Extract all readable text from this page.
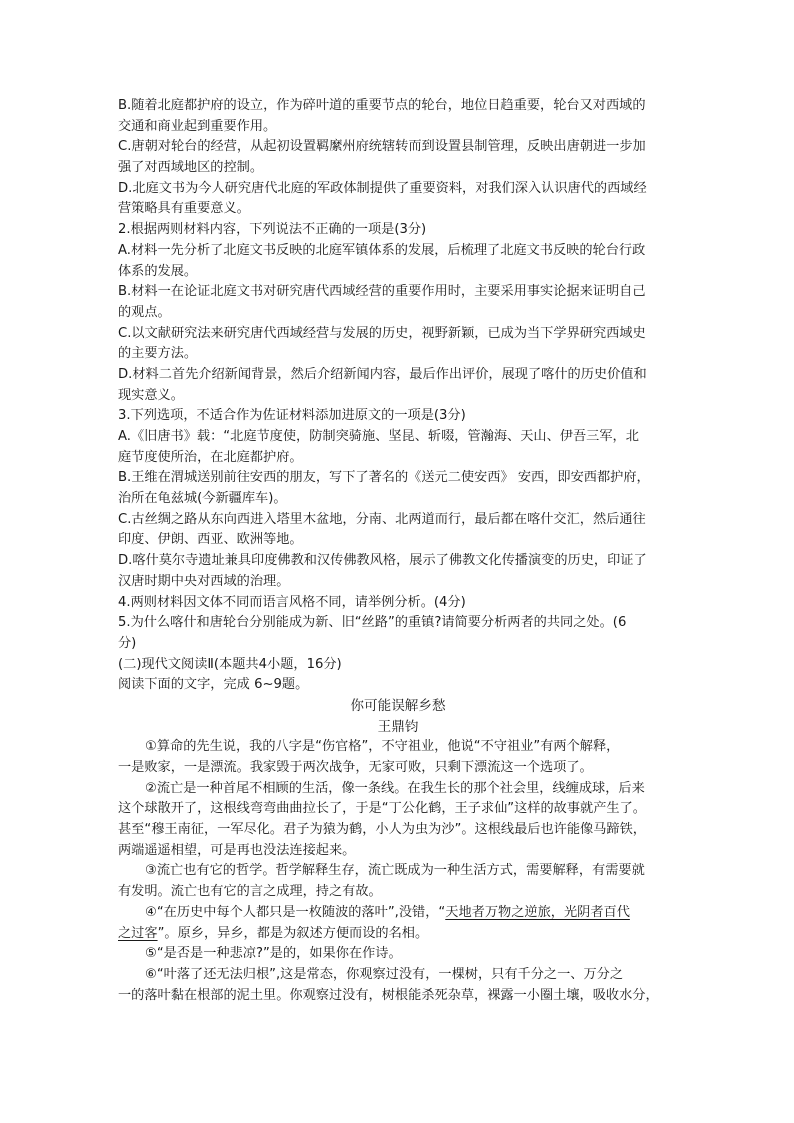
B.随着北庭都护府的设立，作为碎叶道的重要节点的轮台，地位日趋重要，轮台又对西域的
交通和商业起到重要作用。
C.唐朝对轮台的经营，从起初设置羁縻州府统辖转而到设置县制管理，反映出唐朝进一步加
强了对西域地区的控制。
D.北庭文书为今人研究唐代北庭的军政体制提供了重要资料，对我们深入认识唐代的西域经
营策略具有重要意义。
2.根据两则材料内容，下列说法不正确的一项是(3分)
A.材料一先分析了北庭文书反映的北庭军镇体系的发展，后梳理了北庭文书反映的轮台行政
体系的发展。
B.材料一在论证北庭文书对研究唐代西域经营的重要作用时，主要采用事实论据来证明自己
的观点。
C.以文献研究法来研究唐代西域经营与发展的历史，视野新颖，已成为当下学界研究西域史
的主要方法。
D.材料二首先介绍新闻背景，然后介绍新闻内容，最后作出评价，展现了喀什的历史价值和
现实意义。
3.下列选项，不适合作为佐证材料添加进原文的一项是(3分)
A.《旧唐书》载：“北庭节度使，防制突骑施、坚昆、斩啜，管瀚海、天山、伊吾三军，北
庭节度使所治，在北庭都护府。
B.王维在渭城送别前往安西的朋友，写下了著名的《送元二使安西》 安西，即安西都护府，
治所在龟兹城(今新疆库车)。
C.古丝绸之路从东向西进入塔里木盆地，分南、北两道而行，最后都在喀什交汇，然后通往
印度、伊朗、西亚、欧洲等地。
D.喀什莫尔寺遗址兼具印度佛教和汉传佛教风格，展示了佛教文化传播演变的历史，印证了
汉唐时期中央对西域的治理。
4.两则材料因文体不同而语言风格不同，请举例分析。(4分)
5.为什么喀什和唐轮台分别能成为新、旧“丝路”的重镇?请简要分析两者的共同之处。(6
分)
(二)现代文阅读Ⅱ(本题共4小题，16分)
阅读下面的文字，完成 6~9题。
你可能误解乡愁
王鼎钧
①算命的先生说，我的八字是“伤官格”，不守祖业，他说“不守祖业”有两个解释，
一是败家，一是漂流。我家毁于两次战争，无家可败，只剩下漂流这一个选项了。
②流亡是一种首尾不相顾的生活，像一条线。在我生长的那个社会里，线缠成球，后来
这个球散开了，这根线弯弯曲曲拉长了，于是“丁公化鹤，王子求仙”这样的故事就产生了。
甚至“穆王南征，一军尽化。君子为猿为鹤，小人为虫为沙”。这根线最后也许能像马蹄铁，
两端遥遥相望，可是再也没法连接起来。
③流亡也有它的哲学。哲学解释生存，流亡既成为一种生活方式，需要解释，有需要就
有发明。流亡也有它的言之成理，持之有故。
④“在历史中每个人都只是一枚随波的落叶”,没错，“天地者万物之逆旅，光阴者百代
之过客”。原乡，异乡，都是为叙述方便而设的名相。
⑤“是否是一种悲凉?”是的，如果你在作诗。
⑥“叶落了还无法归根”,这是常态，你观察过没有，一棵树，只有千分之一、万分之
一的落叶黏在根部的泥土里。你观察过没有，树根能杀死杂草，裸露一小圈土壤，吸收水分，
